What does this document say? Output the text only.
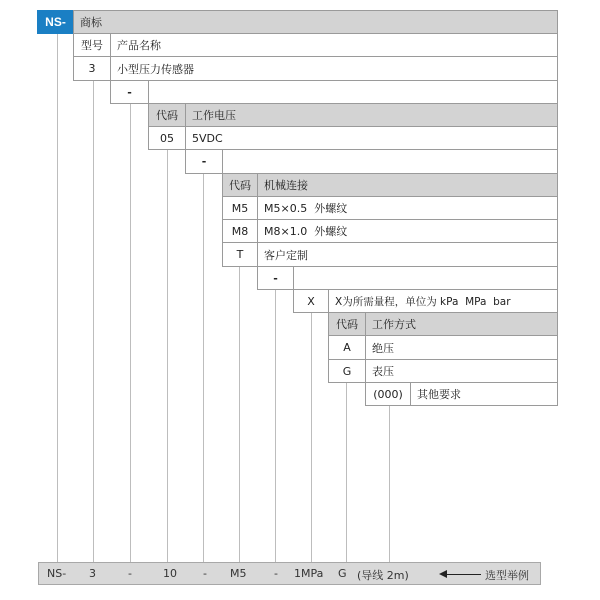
NS-	商标
型号	产品名称
3	小型压力传感器
-
代码	工作电压
05	5VDC
-
代码	机械连接
M5	M5×0.5  外螺纹
M8	M8×1.0  外螺纹
T	客户定制
-
X	X为所需量程，单位为 kPa  MPa  bar
代码	工作方式
A	绝压
G	表压
(000)	其他要求
NS- 3	-	10 - M5	- 1MPa G (导线 2m)	选型举例
